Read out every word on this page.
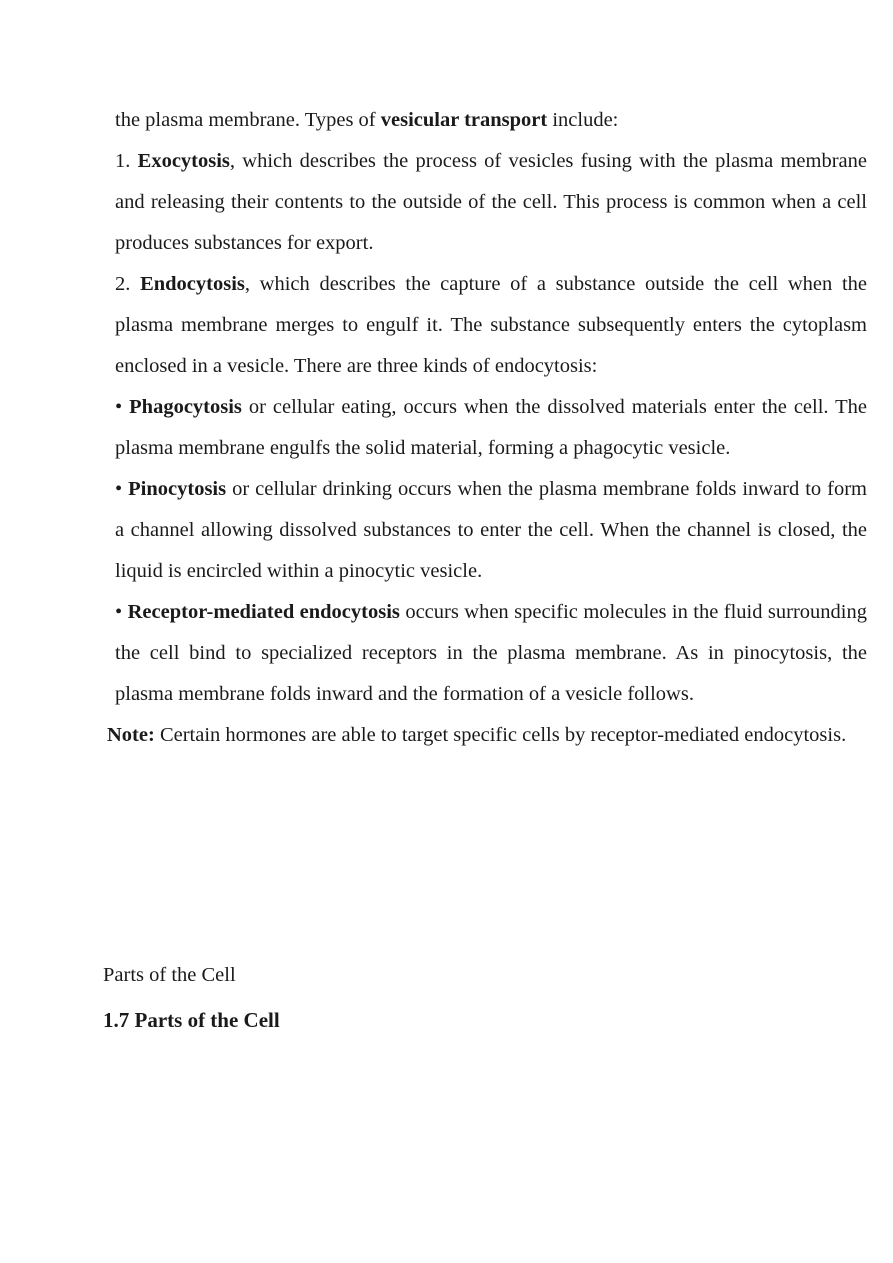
the plasma membrane. Types of vesicular transport include:

1. Exocytosis, which describes the process of vesicles fusing with the plasma membrane and releasing their contents to the outside of the cell. This process is common when a cell produces substances for export.

2. Endocytosis, which describes the capture of a substance outside the cell when the plasma membrane merges to engulf it. The substance subsequently enters the cytoplasm enclosed in a vesicle. There are three kinds of endocytosis:

• Phagocytosis or cellular eating, occurs when the dissolved materials enter the cell. The plasma membrane engulfs the solid material, forming a phagocytic vesicle.

• Pinocytosis or cellular drinking occurs when the plasma membrane folds inward to form a channel allowing dissolved substances to enter the cell. When the channel is closed, the liquid is encircled within a pinocytic vesicle.

• Receptor-mediated endocytosis occurs when specific molecules in the fluid surrounding the cell bind to specialized receptors in the plasma membrane. As in pinocytosis, the plasma membrane folds inward and the formation of a vesicle follows.

Note: Certain hormones are able to target specific cells by receptor-mediated endocytosis.

Parts of the Cell
1.7 Parts of the Cell
